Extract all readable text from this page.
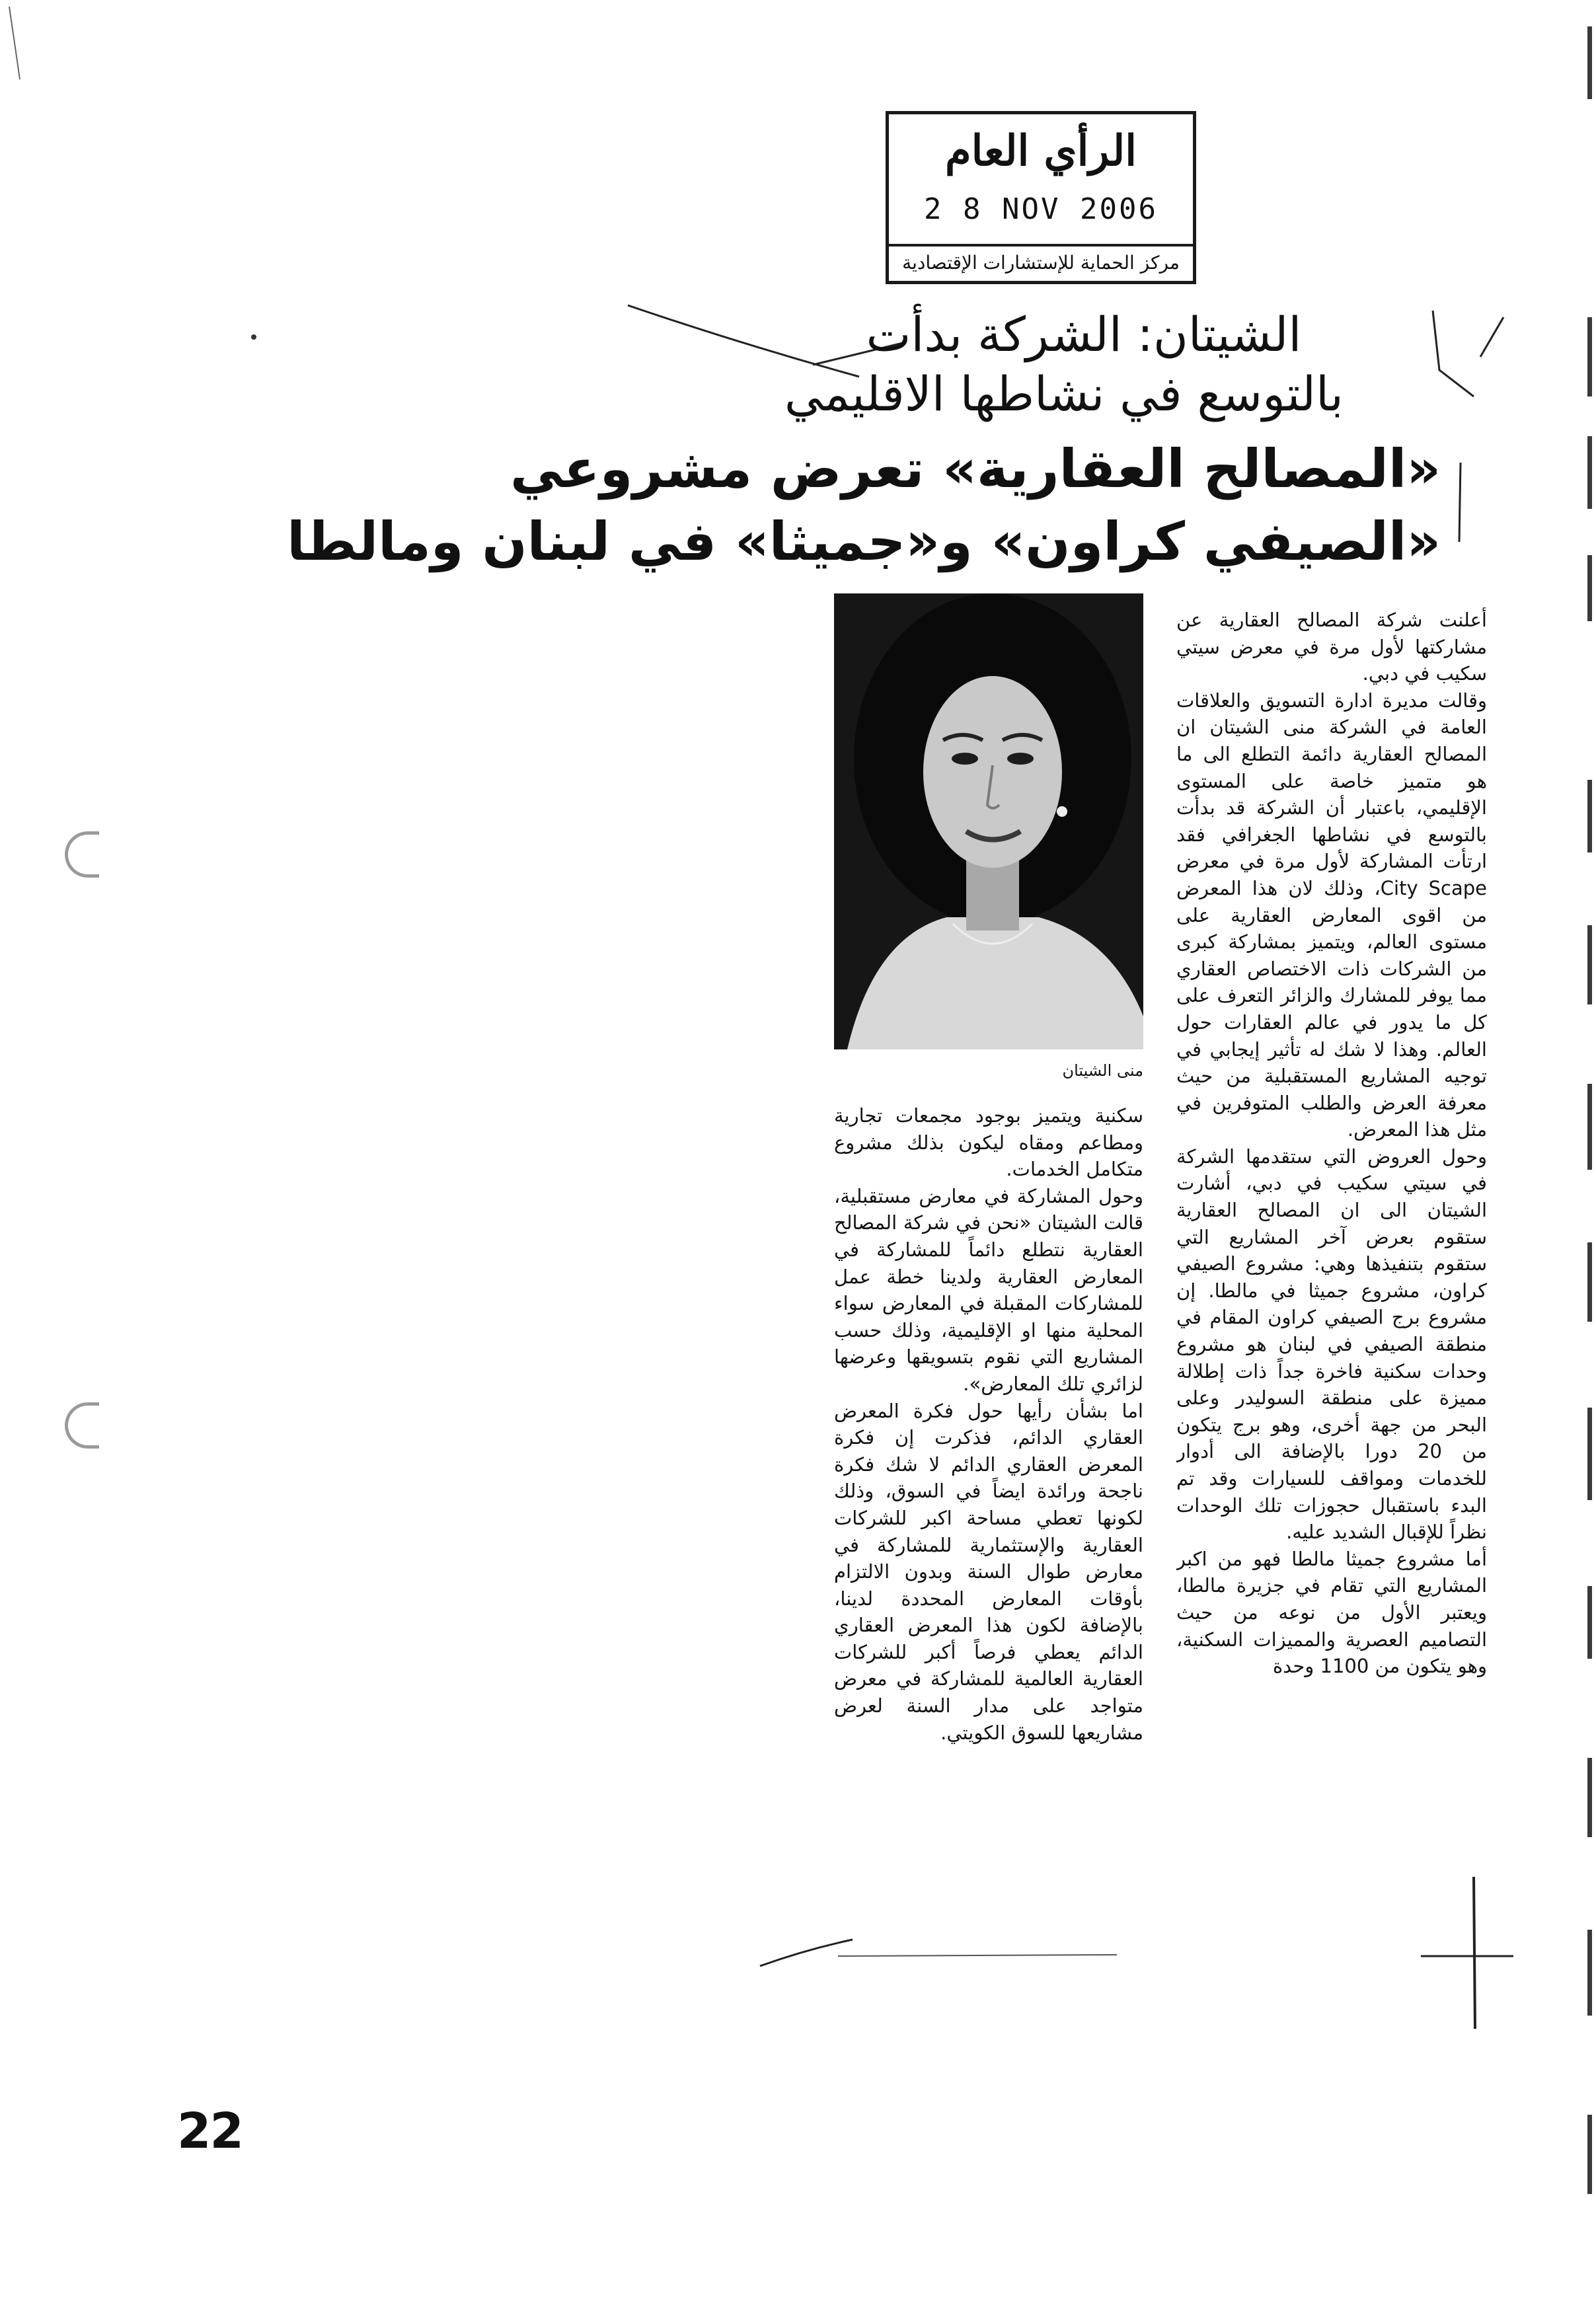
الرأي العام
2 8 NOV 2006
مركز الحماية للإستشارات الإقتصادية
الشيتان: الشركة بدأت
بالتوسع في نشاطها الاقليمي
«المصالح العقارية» تعرض مشروعي
«الصيفي كراون» و«جميثا» في لبنان ومالطا
منى الشيتان

أعلنت شركة المصالح العقارية عن مشاركتها لأول مرة في معرض سيتي سكيب في دبي.

وقالت مديرة ادارة التسويق والعلاقات العامة في الشركة منى الشيتان ان المصالح العقارية دائمة التطلع الى ما هو متميز خاصة على المستوى الإقليمي، باعتبار أن الشركة قد بدأت بالتوسع في نشاطها الجغرافي فقد ارتأت المشاركة لأول مرة في معرض City Scape، وذلك لان هذا المعرض من اقوى المعارض العقارية على مستوى العالم، ويتميز بمشاركة كبرى من الشركات ذات الاختصاص العقاري مما يوفر للمشارك والزائر التعرف على كل ما يدور في عالم العقارات حول العالم. وهذا لا شك له تأثير إيجابي في توجيه المشاريع المستقبلية من حيث معرفة العرض والطلب المتوفرين في مثل هذا المعرض.

وحول العروض التي ستقدمها الشركة في سيتي سكيب في دبي، أشارت الشيتان الى ان المصالح العقارية ستقوم بعرض آخر المشاريع التي ستقوم بتنفيذها وهي: مشروع الصيفي كراون، مشروع جميثا في مالطا. إن مشروع برج الصيفي كراون المقام في منطقة الصيفي في لبنان هو مشروع وحدات سكنية فاخرة جداً ذات إطلالة مميزة على منطقة السوليدر وعلى البحر من جهة أخرى، وهو برج يتكون من 20 دورا بالإضافة الى أدوار للخدمات ومواقف للسيارات وقد تم البدء باستقبال حجوزات تلك الوحدات نظراً للإقبال الشديد عليه.

أما مشروع جميثا مالطا فهو من اكبر المشاريع التي تقام في جزيرة مالطا، ويعتبر الأول من نوعه من حيث التصاميم العصرية والمميزات السكنية، وهو يتكون من 1100 وحدة

سكنية ويتميز بوجود مجمعات تجارية ومطاعم ومقاه ليكون بذلك مشروع متكامل الخدمات.

وحول المشاركة في معارض مستقبلية، قالت الشيتان «نحن في شركة المصالح العقارية نتطلع دائماً للمشاركة في المعارض العقارية ولدينا خطة عمل للمشاركات المقبلة في المعارض سواء المحلية منها او الإقليمية، وذلك حسب المشاريع التي نقوم بتسويقها وعرضها لزائري تلك المعارض».

اما بشأن رأيها حول فكرة المعرض العقاري الدائم، فذكرت إن فكرة المعرض العقاري الدائم لا شك فكرة ناجحة ورائدة ايضاً في السوق، وذلك لكونها تعطي مساحة اكبر للشركات العقارية والإستثمارية للمشاركة في معارض طوال السنة وبدون الالتزام بأوقات المعارض المحددة لدينا، بالإضافة لكون هذا المعرض العقاري الدائم يعطي فرصاً أكبر للشركات العقارية العالمية للمشاركة في معرض متواجد على مدار السنة لعرض مشاريعها للسوق الكويتي.

22
